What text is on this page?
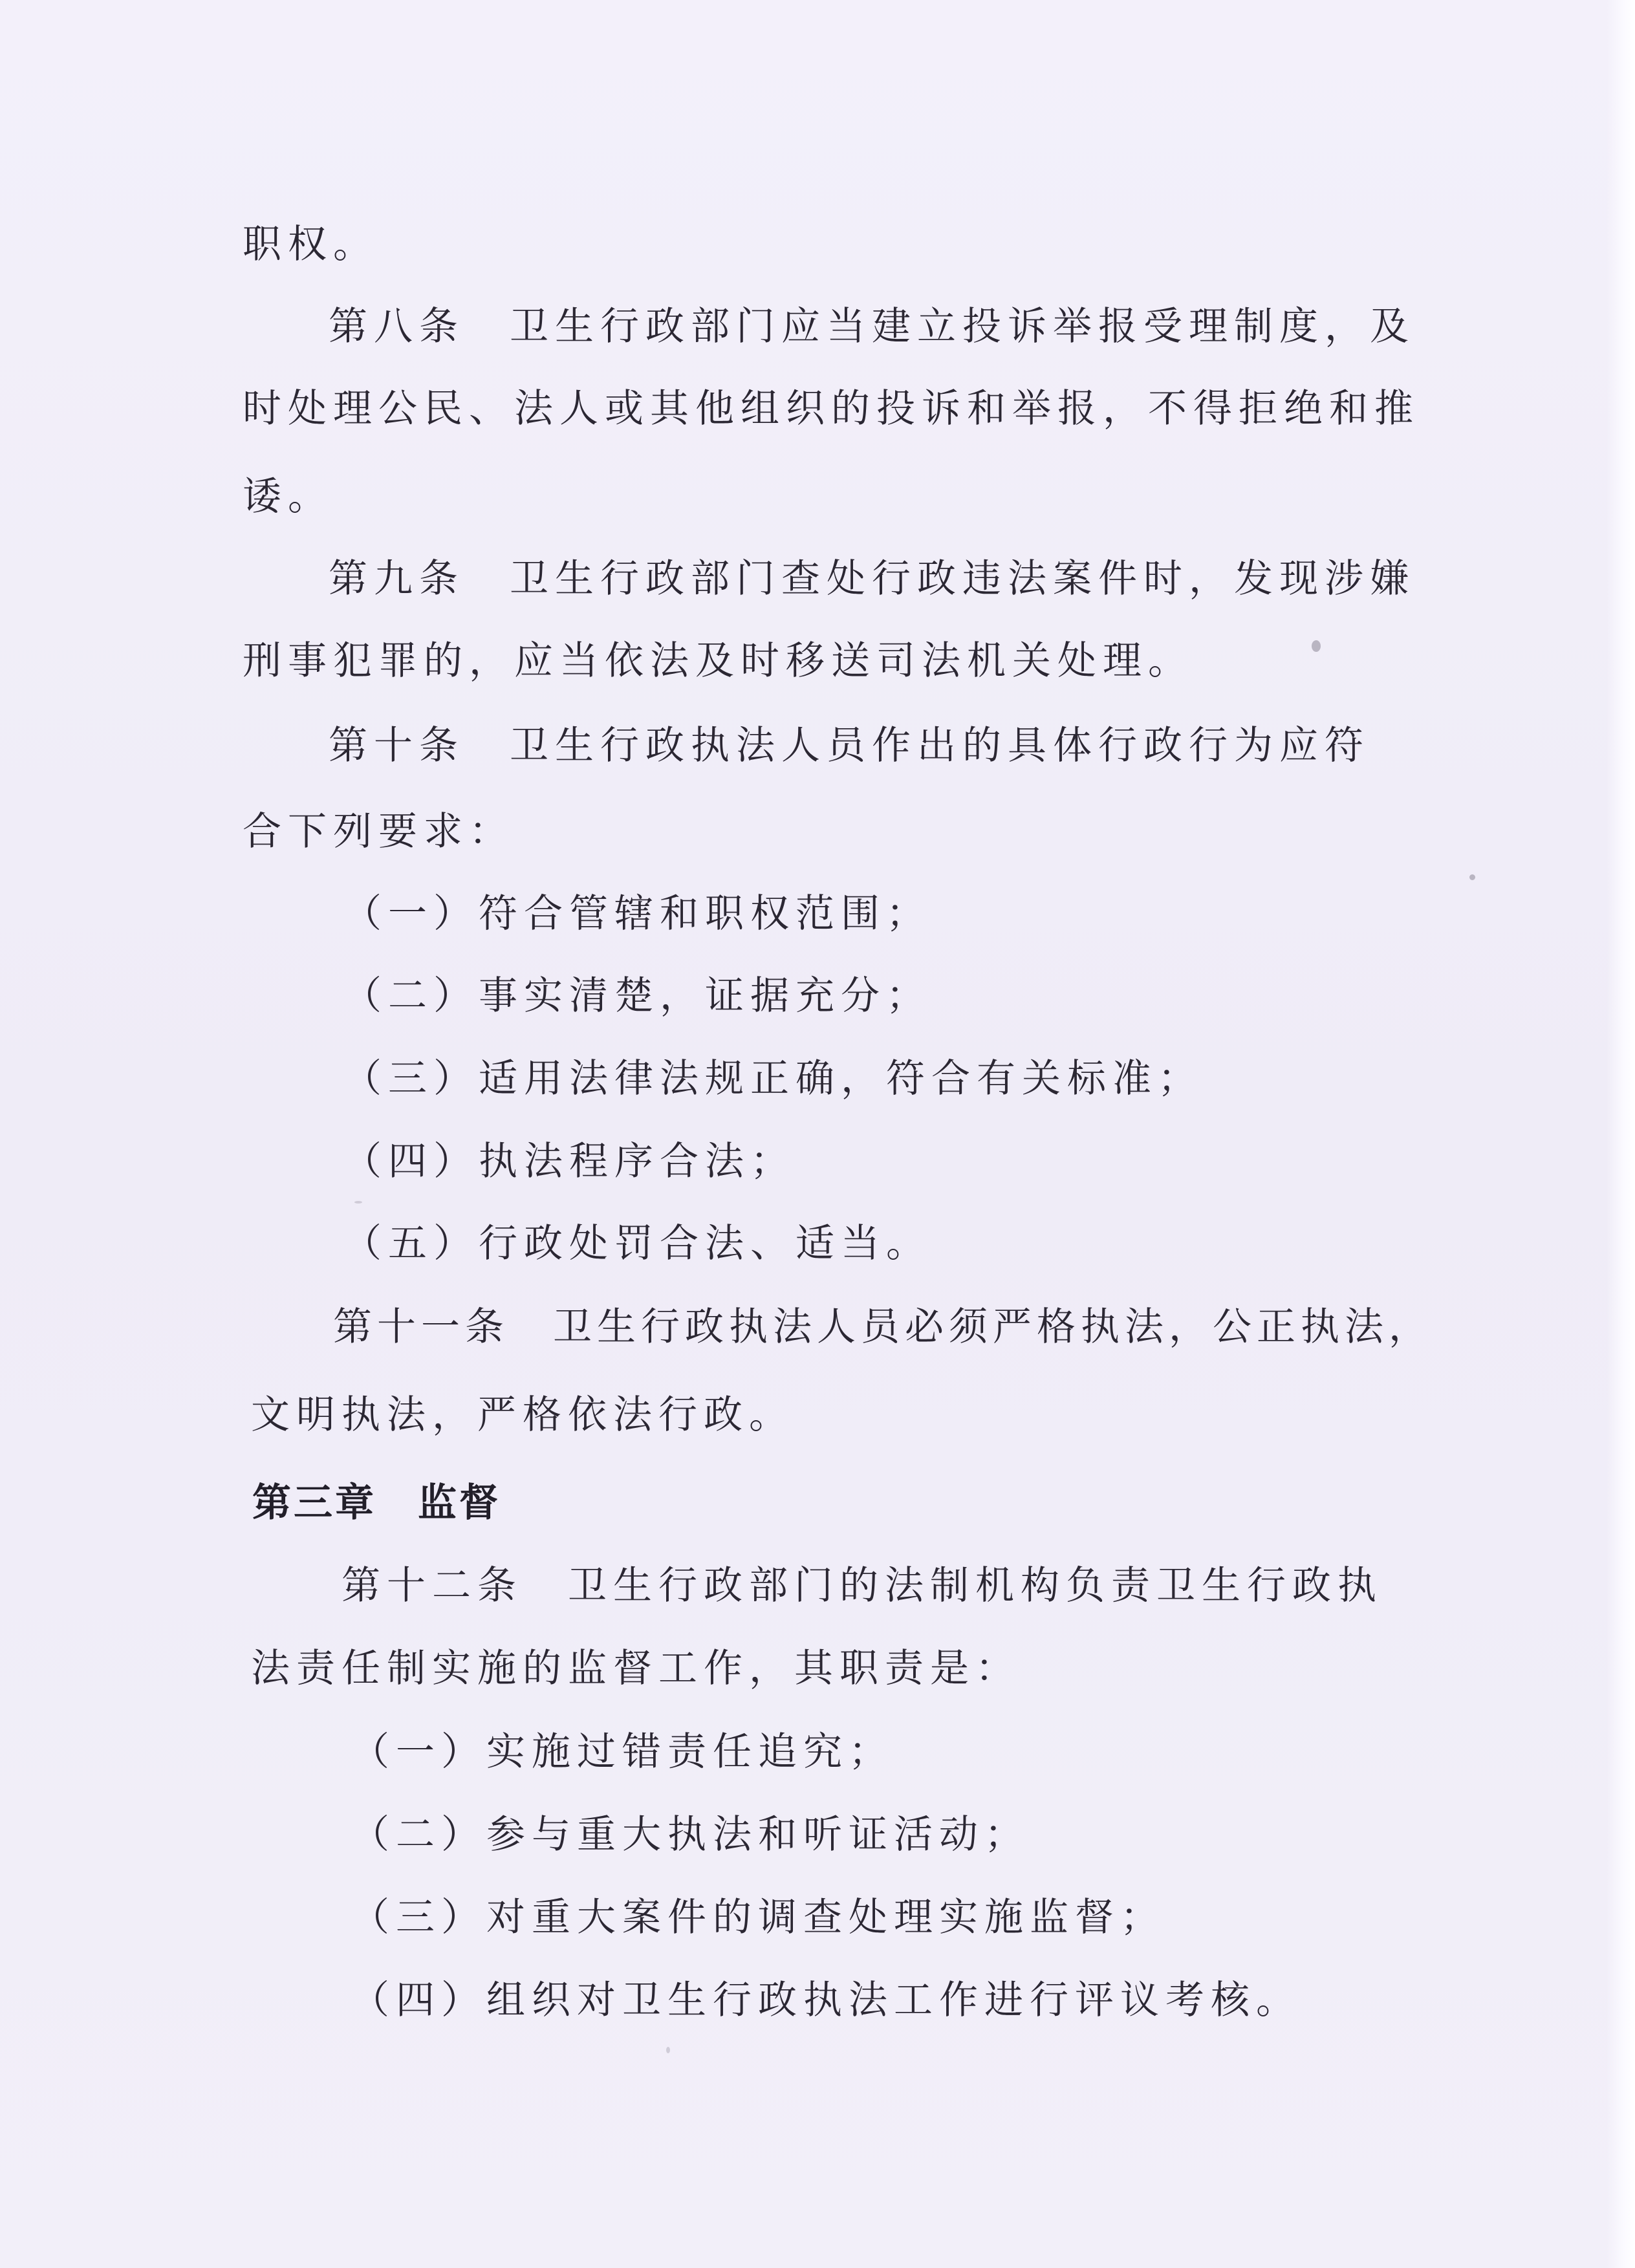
职权。
第八条　卫生行政部门应当建立投诉举报受理制度，及
时处理公民、法人或其他组织的投诉和举报，不得拒绝和推
诿。
第九条　卫生行政部门查处行政违法案件时，发现涉嫌
刑事犯罪的，应当依法及时移送司法机关处理。
第十条　卫生行政执法人员作出的具体行政行为应符
合下列要求：
（一）符合管辖和职权范围；
（二）事实清楚，证据充分；
（三）适用法律法规正确，符合有关标准；
（四）执法程序合法；
（五）行政处罚合法、适当。
第十一条　卫生行政执法人员必须严格执法，公正执法，
文明执法，严格依法行政。
第三章　监督
第十二条　卫生行政部门的法制机构负责卫生行政执
法责任制实施的监督工作，其职责是：
（一）实施过错责任追究；
（二）参与重大执法和听证活动；
（三）对重大案件的调查处理实施监督；
（四）组织对卫生行政执法工作进行评议考核。
